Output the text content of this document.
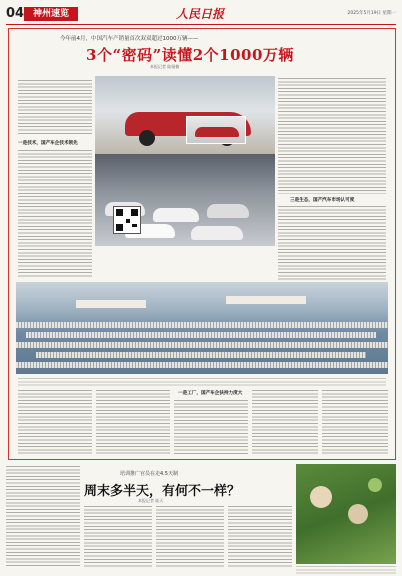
04 神州速览	人民日报	2025年5月19日 星期一
今年前4月，中国汽车产销量首次双双超过1000万辆——
3个“密码”读懂2个1000万辆
本报记者 陆娅楠
一是技术，国产车企技术领先
三是生态，国产汽车市场认可度
一是工厂，国产车企扶持力度大
培训推广官员在走4.5天制
周末多半天，有何不一样？
本报记者 陆天
